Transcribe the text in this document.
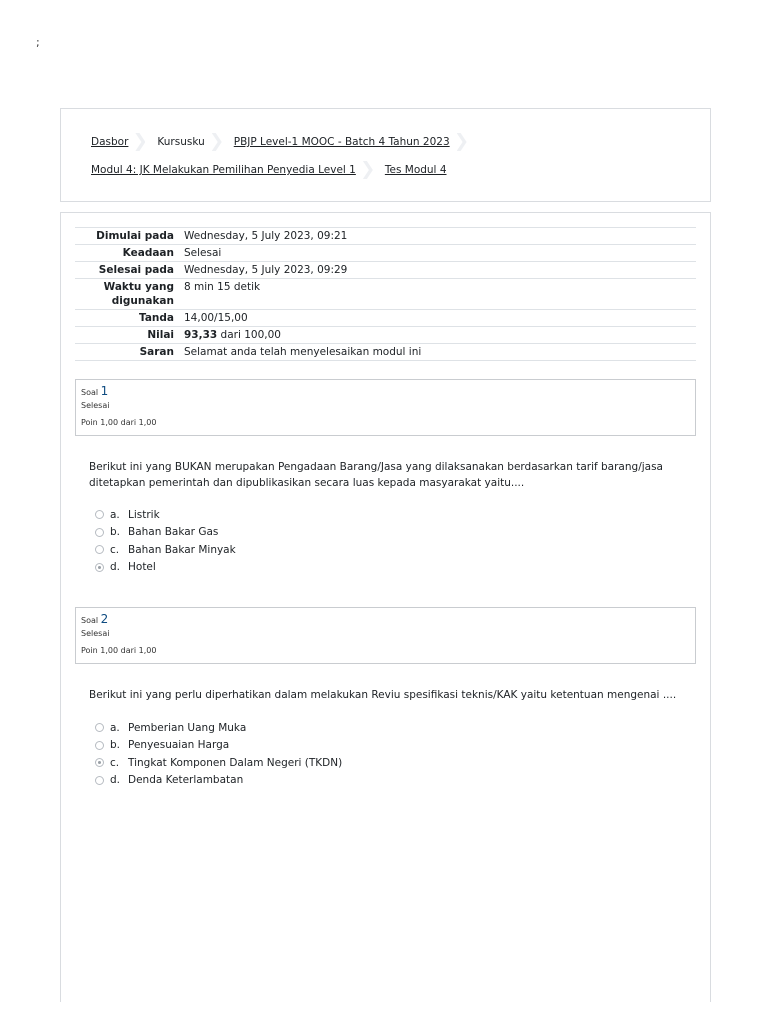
;
Dasbor	Kursusku	PBJP Level-1 MOOC - Batch 4 Tahun 2023
Modul 4: JK Melakukan Pemilihan Penyedia Level 1	Tes Modul 4
Dimulai pada	Wednesday, 5 July 2023, 09:21
Keadaan	Selesai
Selesai pada	Wednesday, 5 July 2023, 09:29
Waktu yang
digunakan	8 min 15 detik
Tanda	14,00/15,00
Nilai	93,33 dari 100,00
Saran	Selamat anda telah menyelesaikan modul ini
Soal 1
Selesai
Poin 1,00 dari 1,00
Berikut ini yang BUKAN merupakan Pengadaan Barang/Jasa yang dilaksanakan berdasarkan tarif barang/jasa ditetapkan pemerintah dan dipublikasikan secara luas kepada masyarakat yaitu....
a. Listrik
b. Bahan Bakar Gas
c. Bahan Bakar Minyak
d. Hotel
Soal 2
Selesai
Poin 1,00 dari 1,00
Berikut ini yang perlu diperhatikan dalam melakukan Reviu spesifikasi teknis/KAK yaitu ketentuan mengenai ....
a. Pemberian Uang Muka
b. Penyesuaian Harga
c. Tingkat Komponen Dalam Negeri (TKDN)
d. Denda Keterlambatan
